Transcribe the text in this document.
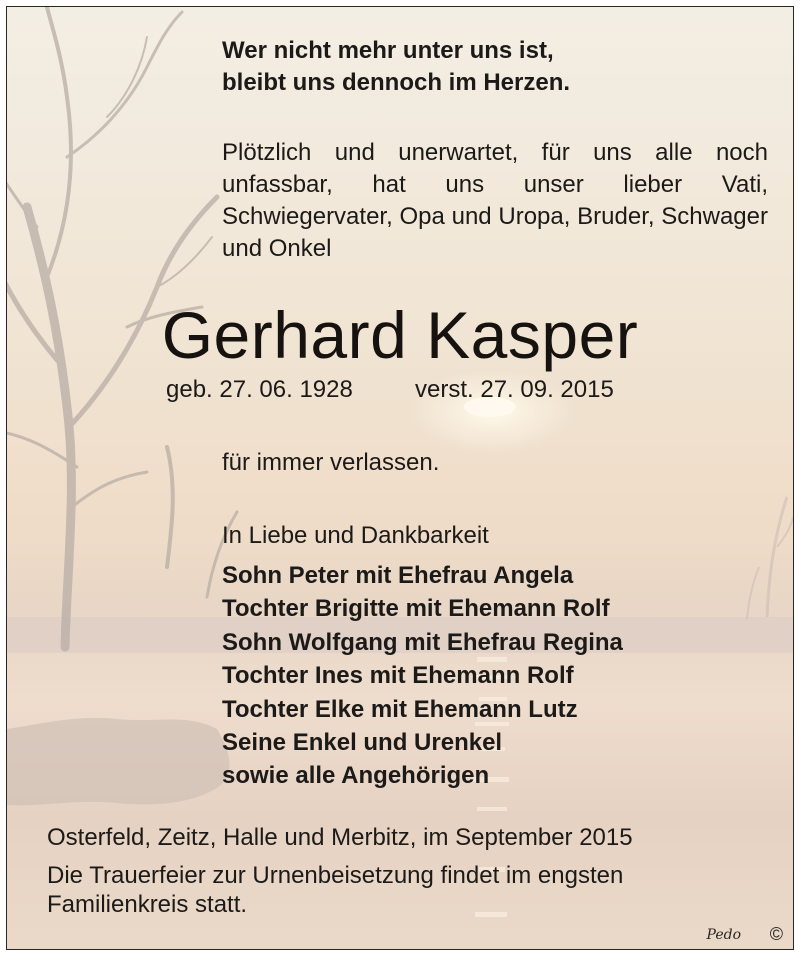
Wer nicht mehr unter uns ist,
bleibt uns dennoch im Herzen.
Plötzlich und unerwartet, für uns alle noch unfassbar, hat uns unser lieber Vati, Schwiegervater, Opa und Uropa, Bruder, Schwager und Onkel
Gerhard Kasper
geb. 27. 06. 1928	verst. 27. 09. 2015
für immer verlassen.
In Liebe und Dankbarkeit
Sohn Peter mit Ehefrau Angela
Tochter Brigitte mit Ehemann Rolf
Sohn Wolfgang mit Ehefrau Regina
Tochter Ines mit Ehemann Rolf
Tochter Elke mit Ehemann Lutz
Seine Enkel und Urenkel
sowie alle Angehörigen
Osterfeld, Zeitz, Halle und Merbitz, im September 2015
Die Trauerfeier zur Urnenbeisetzung findet im engsten
Familienkreis statt.
Pedo ©
